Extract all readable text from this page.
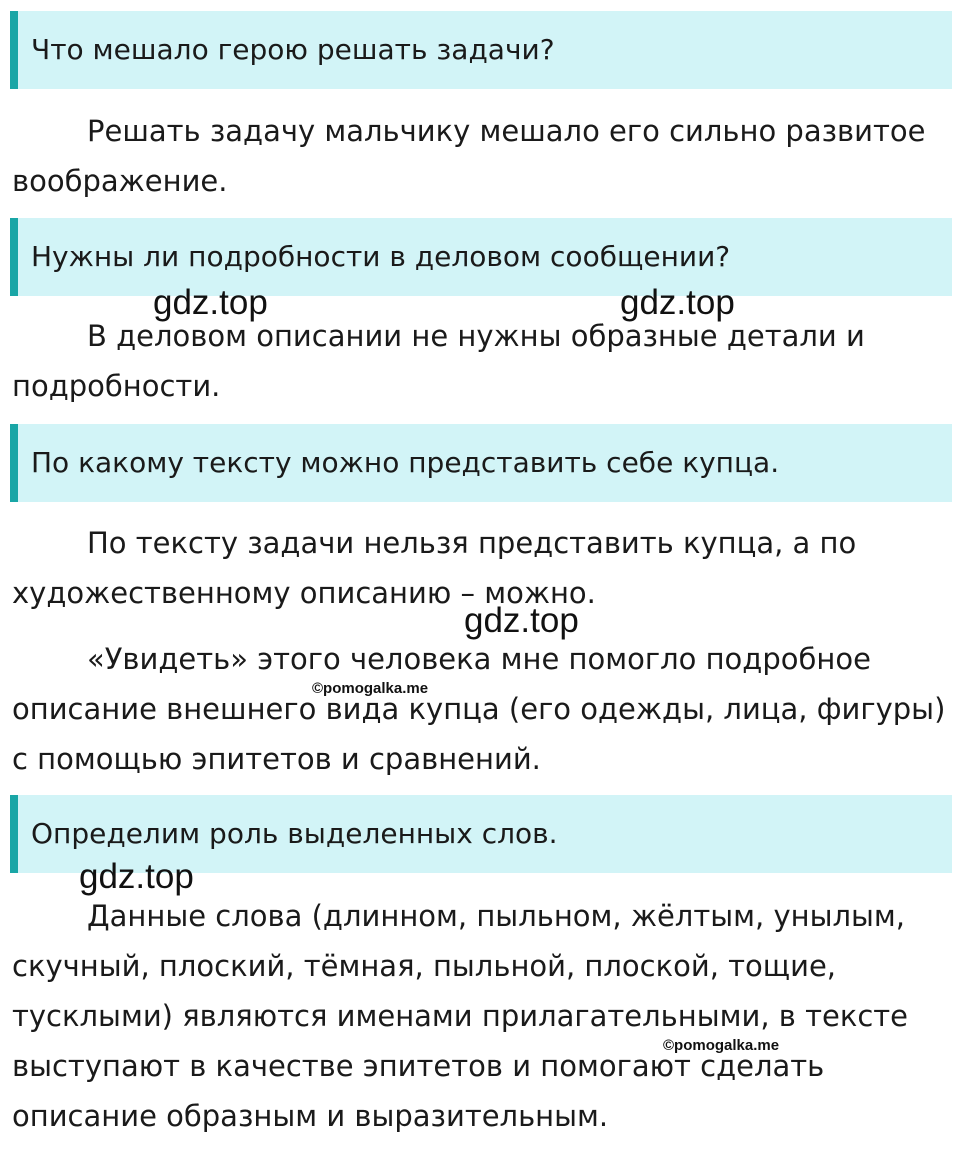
Что мешало герою решать задачи?

Решать задачу мальчику мешало его сильно развитое воображение.

Нужны ли подробности в деловом сообщении?

В деловом описании не нужны образные детали и подробности.

По какому тексту можно представить себе купца.

По тексту задачи нельзя представить купца, а по художественному описанию – можно.

«Увидеть» этого человека мне помогло подробное описание внешнего вида купца (его одежды, лица, фигуры) с помощью эпитетов и сравнений.

Определим роль выделенных слов.

Данные слова (длинном, пыльном, жёлтым, унылым, скучный, плоский, тёмная, пыльной, плоской, тощие, тусклыми) являются именами прилагательными, в тексте выступают в качестве эпитетов и помогают сделать описание образным и выразительным.

gdz.top	gdz.top
gdz.top
gdz.top
©pomogalka.me
©pomogalka.me
